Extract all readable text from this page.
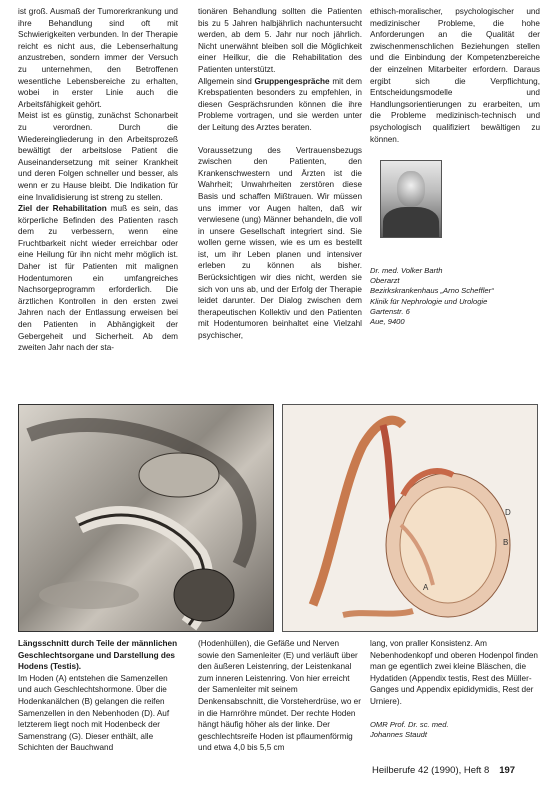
ist groß. Ausmaß der Tumorerkrankung und ihre Behandlung sind oft mit Schwierigkeiten verbunden. In der Therapie reicht es nicht aus, die Lebenserhaltung anzustreben, sondern immer der Versuch zu unternehmen, den Betroffenen wesentliche Lebensbereiche zu erhalten, wobei in erster Linie auch die Arbeitsfähigkeit gehört.

Meist ist es günstig, zunächst Schonarbeit zu verordnen. Durch die Wiedereingliederung in den Arbeitsprozeß bewältigt der arbeitslose Patient die Auseinandersetzung mit seiner Krankheit und deren Folgen schneller und besser, als wenn er zu Hause bleibt. Die Indikation für eine Invalidisierung ist streng zu stellen.

Ziel der Rehabilitation muß es sein, das körperliche Befinden des Patienten rasch dem zu verbessern, wenn eine Fruchtbarkeit nicht wieder erreichbar oder eine Heilung für ihn nicht mehr möglich ist. Daher ist für Patienten mit malignen Hodentumoren ein umfangreiches Nachsorgeprogramm erforderlich. Die ärztlichen Kontrollen in den ersten zwei Jahren nach der Entlassung erweisen bei den Patienten in Abhängigkeit der Gebergeheit und Sicherheit. Ab dem zweiten Jahr nach der sta-

tionären Behandlung sollten die Patienten bis zu 5 Jahren halbjährlich nachuntersucht werden, ab dem 5. Jahr nur noch jährlich. Nicht unerwähnt bleiben soll die Möglichkeit einer Heilkur, die die Rehabilitation des Patienten unterstützt.

Allgemein sind Gruppengespräche mit dem Krebspatienten besonders zu empfehlen, in diesen Gesprächsrunden können die ihre Probleme vortragen, und sie werden unter der Leitung des Arztes beraten.

Voraussetzung des Vertrauensbezugs zwischen den Patienten, den Krankenschwestern und Ärzten ist die Wahrheit; Unwahrheiten zerstören diese Basis und schaffen Mißtrauen. Wir müssen uns immer vor Augen halten, daß wir verwiesene (ung) Männer behandeln, die voll in unsere Gesellschaft integriert sind. Sie wollen gerne wissen, wie es um es bestellt ist, um ihr Leben planen und intensiver erleben zu können als bisher. Berücksichtigen wir dies nicht, werden sie sich von uns ab, und der Erfolg der Therapie leidet darunter. Der Dialog zwischen dem therapeutischen Kollektiv und den Patienten mit Hodentumoren beinhaltet eine Vielzahl psychischer,

ethisch-moralischer, psychologischer und medizinischer Probleme, die hohe Anforderungen an die Qualität der zwischenmenschlichen Beziehungen stellen und die Einbindung der Kompetenzbereiche der einzelnen Mitarbeiter erfordern. Daraus ergibt sich die Verpflichtung, Entscheidungsmodelle und Handlungsorientierungen zu erarbeiten, um die Probleme medizinisch-technisch und psychologisch qualifiziert bewältigen zu können.

Dr. med. Volker Barth
Oberarzt
Bezirkskrankenhaus „Arno Scheffler“
Klinik für Nephrologie und Urologie
Gartenstr. 6
Aue, 9400
A
B
D
Längsschnitt durch Teile der männlichen Geschlechtsorgane und Darstellung des Hodens (Testis).
Im Hoden (A) entstehen die Samenzellen und auch Geschlechtshormone. Über die Hodenkanälchen (B) gelangen die reifen Samenzellen in den Nebenhoden (D). Auf letzterem liegt noch mit Hodenbeck der Samenstrang (G). Dieser enthält, alle Schichten der Bauchwand
(Hodenhüllen), die Gefäße und Nerven sowie den Samenleiter (E) und verläuft über den äußeren Leistenring, der Leistenkanal zum inneren Leistenring. Von hier erreicht der Samenleiter mit seinem Denkensabschnitt, die Vorsteherdrüse, wo er in die Harnröhre mündet. Der rechte Hoden hängt häufig höher als der linke. Der geschlechtsreife Hoden ist pflaumenförmig und etwa 4,0 bis 5,5 cm
lang, von praller Konsistenz. Am Nebenhodenkopf und oberen Hodenpol finden man ge egentlich zwei kleine Bläschen, die Hydatiden (Appendix testis, Rest des Müller-Ganges und Appendix epididymidis, Rest der Urniere).
OMR Prof. Dr. sc. med.
Johannes Staudt
Heilberufe 42 (1990), Heft 8 197
